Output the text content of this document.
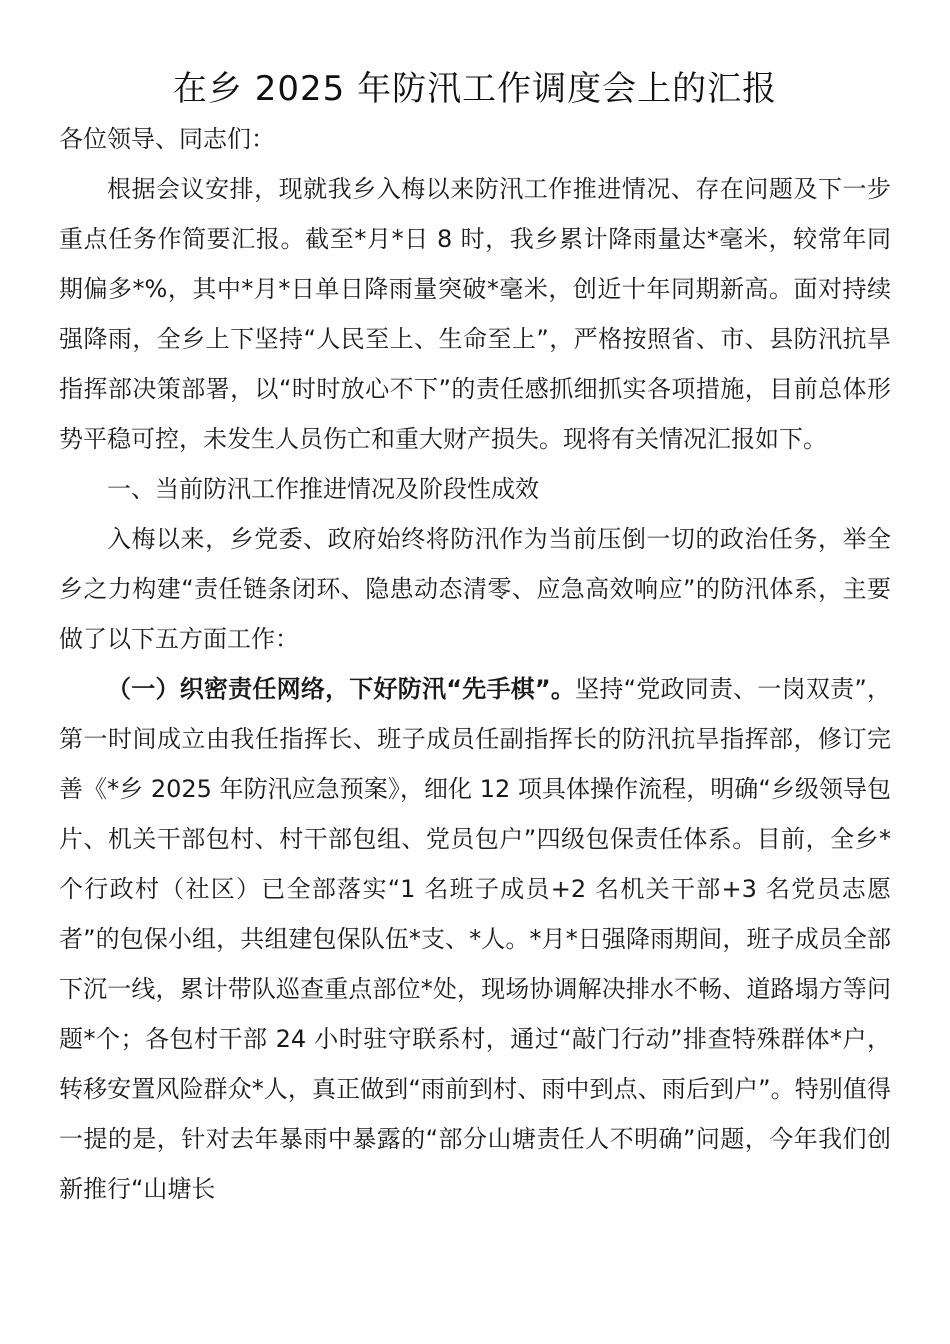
在乡 2025 年防汛工作调度会上的汇报

各位领导、同志们：

根据会议安排，现就我乡入梅以来防汛工作推进情况、存在问题及下一步重点任务作简要汇报。截至*月*日 8 时，我乡累计降雨量达*毫米，较常年同期偏多*%，其中*月*日单日降雨量突破*毫米，创近十年同期新高。面对持续强降雨，全乡上下坚持“人民至上、生命至上”，严格按照省、市、县防汛抗旱指挥部决策部署，以“时时放心不下”的责任感抓细抓实各项措施，目前总体形势平稳可控，未发生人员伤亡和重大财产损失。现将有关情况汇报如下。

一、当前防汛工作推进情况及阶段性成效

入梅以来，乡党委、政府始终将防汛作为当前压倒一切的政治任务，举全乡之力构建“责任链条闭环、隐患动态清零、应急高效响应”的防汛体系，主要做了以下五方面工作：

（一）织密责任网络，下好防汛“先手棋”。坚持“党政同责、一岗双责”，第一时间成立由我任指挥长、班子成员任副指挥长的防汛抗旱指挥部，修订完善《*乡 2025 年防汛应急预案》，细化 12 项具体操作流程，明确“乡级领导包片、机关干部包村、村干部包组、党员包户”四级包保责任体系。目前，全乡*个行政村（社区）已全部落实“1 名班子成员+2 名机关干部+3 名党员志愿者”的包保小组，共组建包保队伍*支、*人。*月*日强降雨期间，班子成员全部下沉一线，累计带队巡查重点部位*处，现场协调解决排水不畅、道路塌方等问题*个；各包村干部 24 小时驻守联系村，通过“敲门行动”排查特殊群体*户，转移安置风险群众*人，真正做到“雨前到村、雨中到点、雨后到户”。特别值得一提的是，针对去年暴雨中暴露的“部分山塘责任人不明确”问题，今年我们创新推行“山塘长
